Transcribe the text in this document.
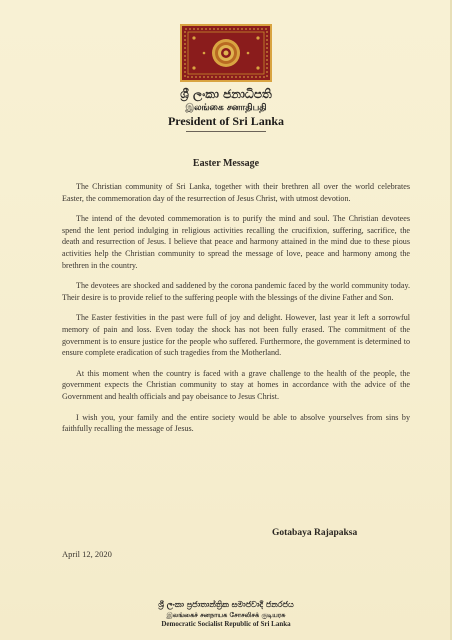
ශ්‍රී ලංකා ජනාධිපති
இலங்கை சனாதிபதி
President of Sri Lanka
Easter Message

The Christian community of Sri Lanka, together with their brethren all over the world celebrates Easter, the commemoration day of the resurrection of Jesus Christ, with utmost devotion.

The intend of the devoted commemoration is to purify the mind and soul. The Christian devotees spend the lent period indulging in religious activities recalling the crucifixion, suffering, sacrifice, the death and resurrection of Jesus. I believe that peace and harmony attained in the mind due to these pious activities help the Christian community to spread the message of love, peace and harmony among the brethren in the country.

The devotees are shocked and saddened by the corona pandemic faced by the world community today. Their desire is to provide relief to the suffering people with the blessings of the divine Father and Son.

The Easter festivities in the past were full of joy and delight. However, last year it left a sorrowful memory of pain and loss. Even today the shock has not been fully erased. The commitment of the government is to ensure justice for the people who suffered. Furthermore, the government is determined to ensure complete eradication of such tragedies from the Motherland.

At this moment when the country is faced with a grave challenge to the health of the people, the government expects the Christian community to stay at homes in accordance with the advice of the Government and health officials and pay obeisance to Jesus Christ.

I wish you, your family and the entire society would be able to absolve yourselves from sins by faithfully recalling the message of Jesus.

Gotabaya Rajapaksa
April 12, 2020
ශ්‍රී ලංකා ප්‍රජාතාන්ත්‍රික සමාජවාදී ජනරජය
இலங்கைச் சனநாயக சோசலிசக் குடியரசு
Democratic Socialist Republic of Sri Lanka
